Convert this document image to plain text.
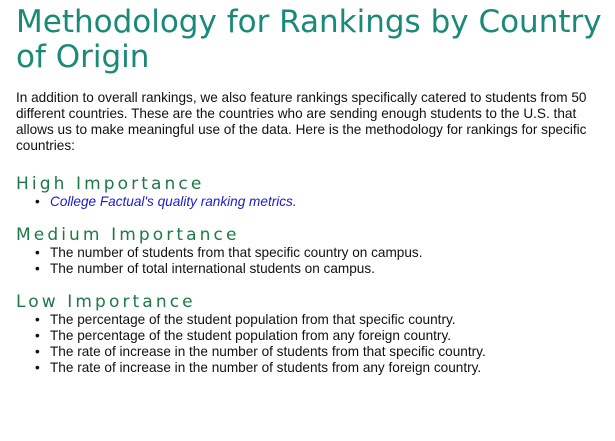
Methodology for Rankings by Country of Origin

In addition to overall rankings, we also feature rankings specifically catered to students from 50 different countries. These are the countries who are sending enough students to the U.S. that allows us to make meaningful use of the data. Here is the methodology for rankings for specific countries:

High Importance
• College Factual's quality ranking metrics.
Medium Importance
• The number of students from that specific country on campus.
• The number of total international students on campus.
Low Importance
• The percentage of the student population from that specific country.
• The percentage of the student population from any foreign country.
• The rate of increase in the number of students from that specific country.
• The rate of increase in the number of students from any foreign country.
